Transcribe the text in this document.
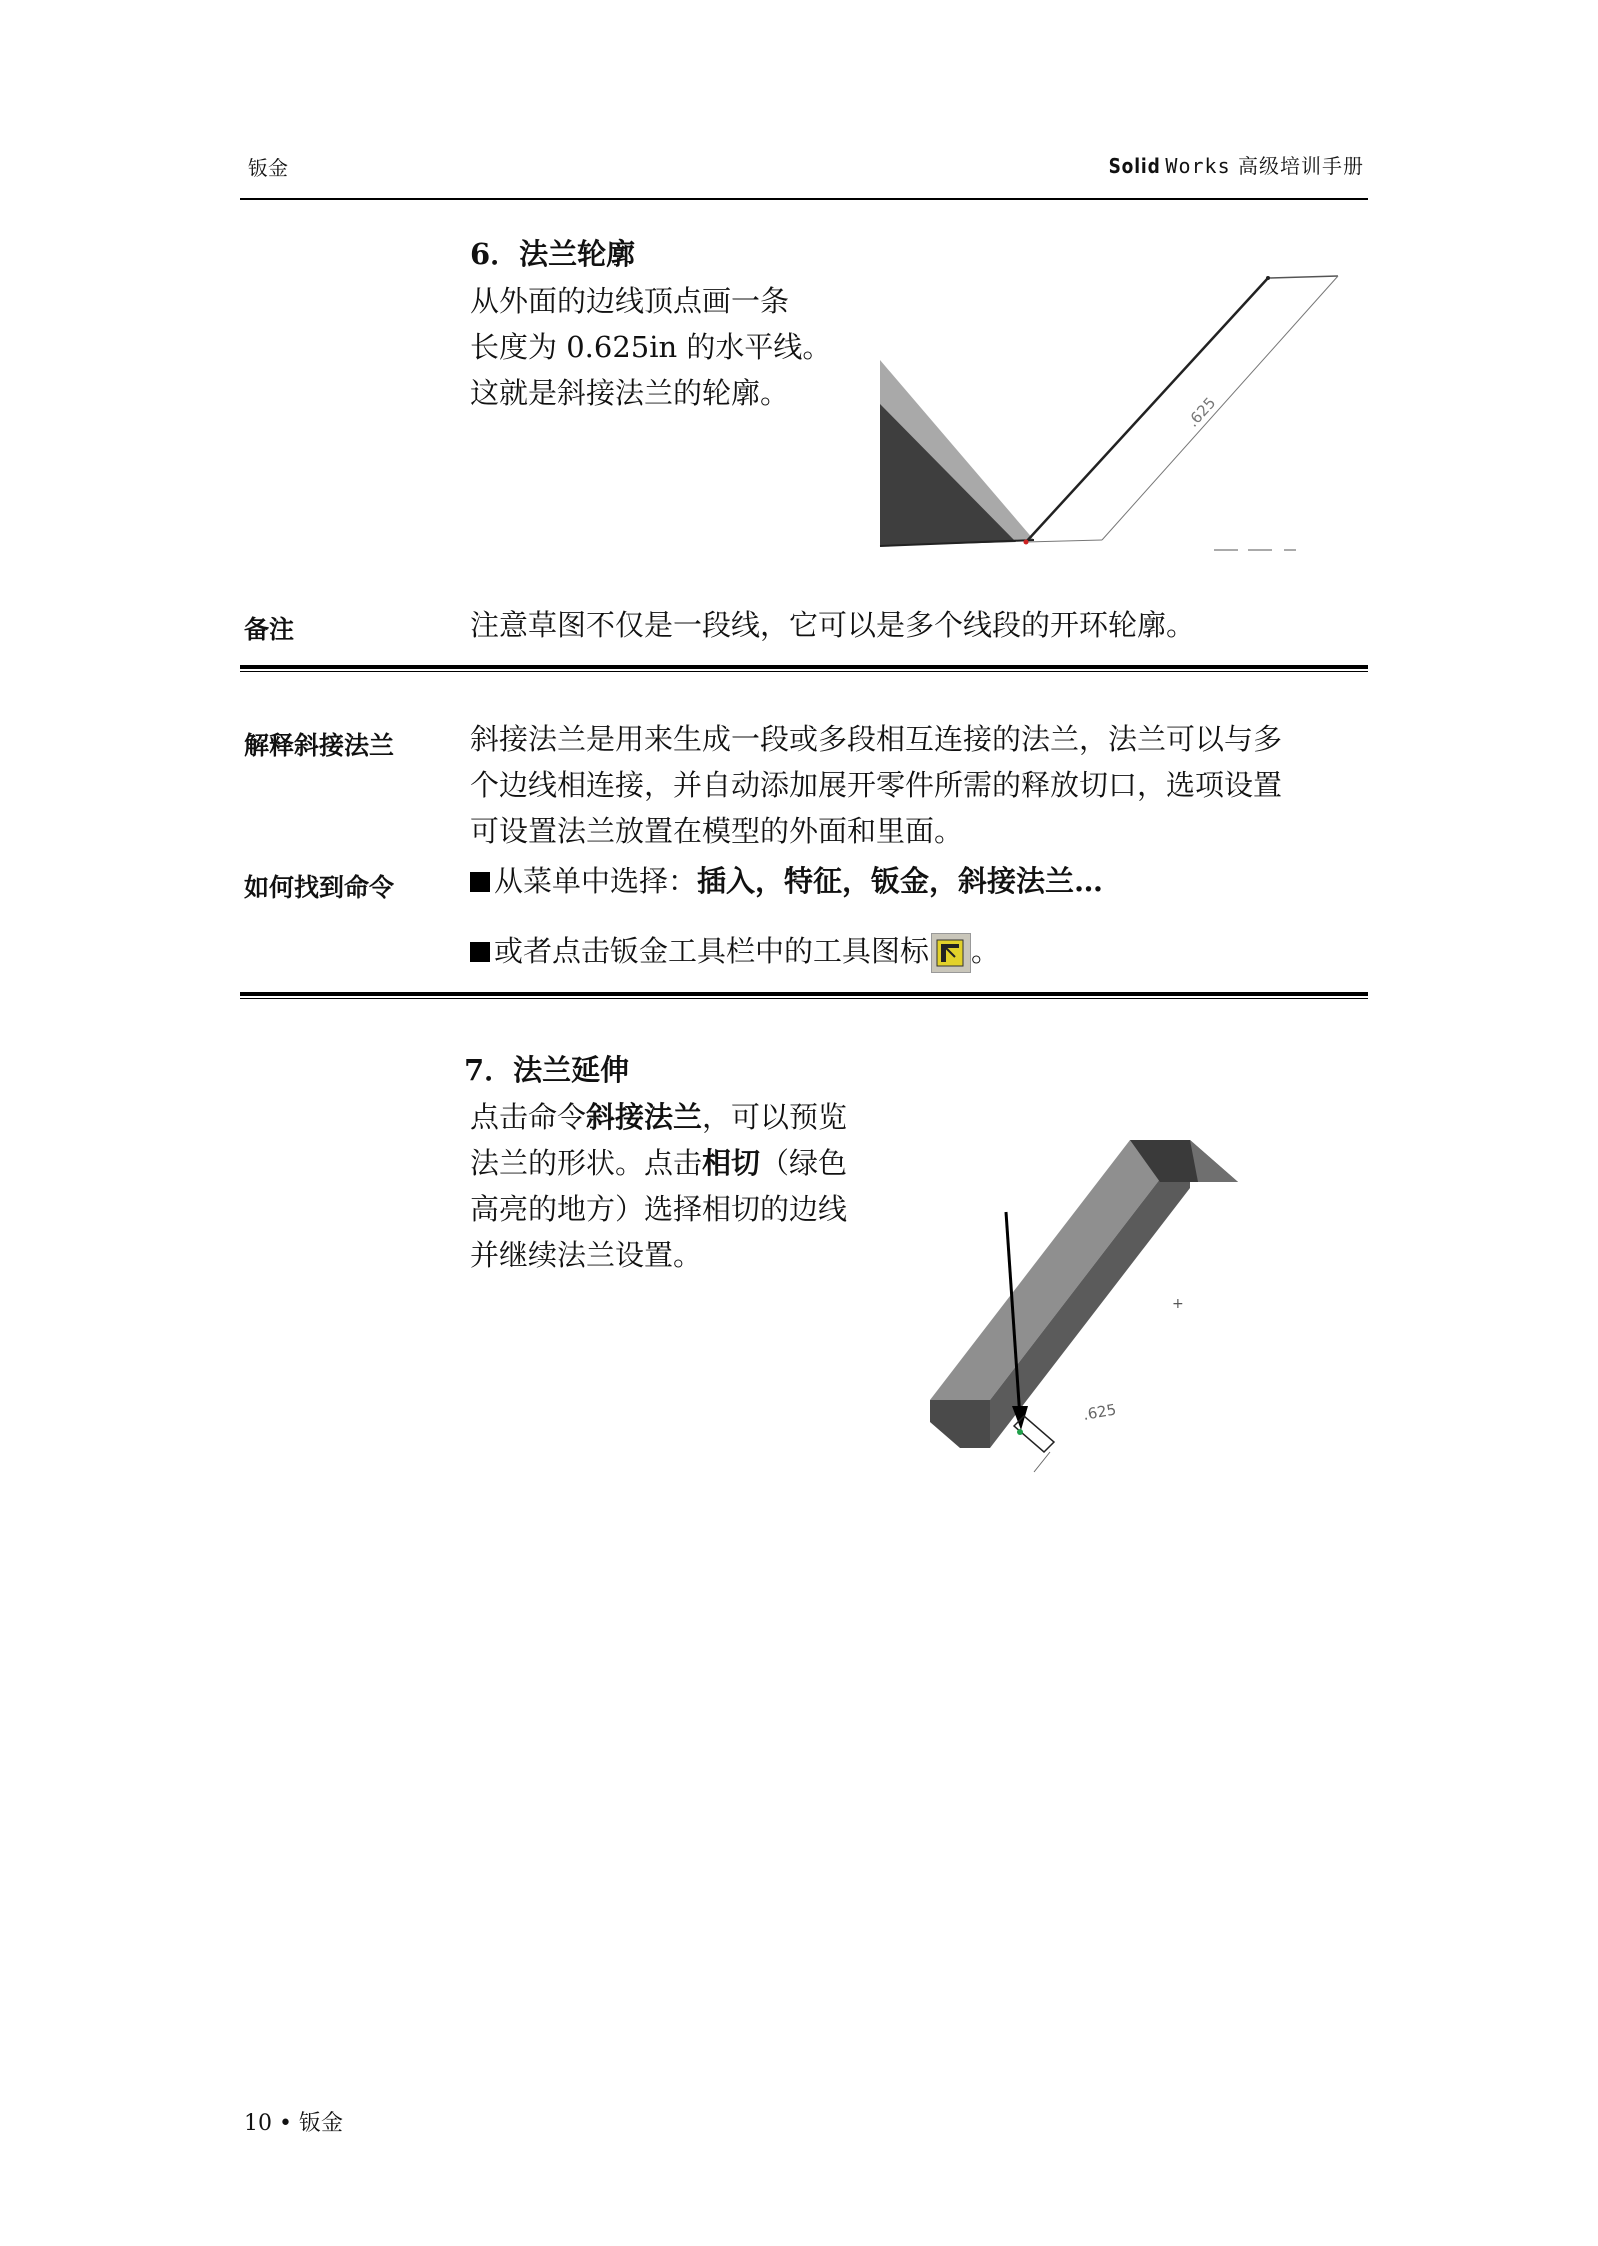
钣金	Solid Works 高级培训手册
6．法兰轮廓
从外面的边线顶点画一条
长度为 0.625in 的水平线。
这就是斜接法兰的轮廓。
.625
备注	注意草图不仅是一段线，它可以是多个线段的开环轮廓。
解释斜接法兰	斜接法兰是用来生成一段或多段相互连接的法兰，法兰可以与多
个边线相连接，并自动添加展开零件所需的释放切口，选项设置
可设置法兰放置在模型的外面和里面。
如何找到命令	从菜单中选择：插入，特征，钣金，斜接法兰…
或者点击钣金工具栏中的工具图标 。
7．法兰延伸
点击命令斜接法兰，可以预览
法兰的形状。点击相切（绿色
高亮的地方）选择相切的边线
并继续法兰设置。
.625
+
10 • 钣金
